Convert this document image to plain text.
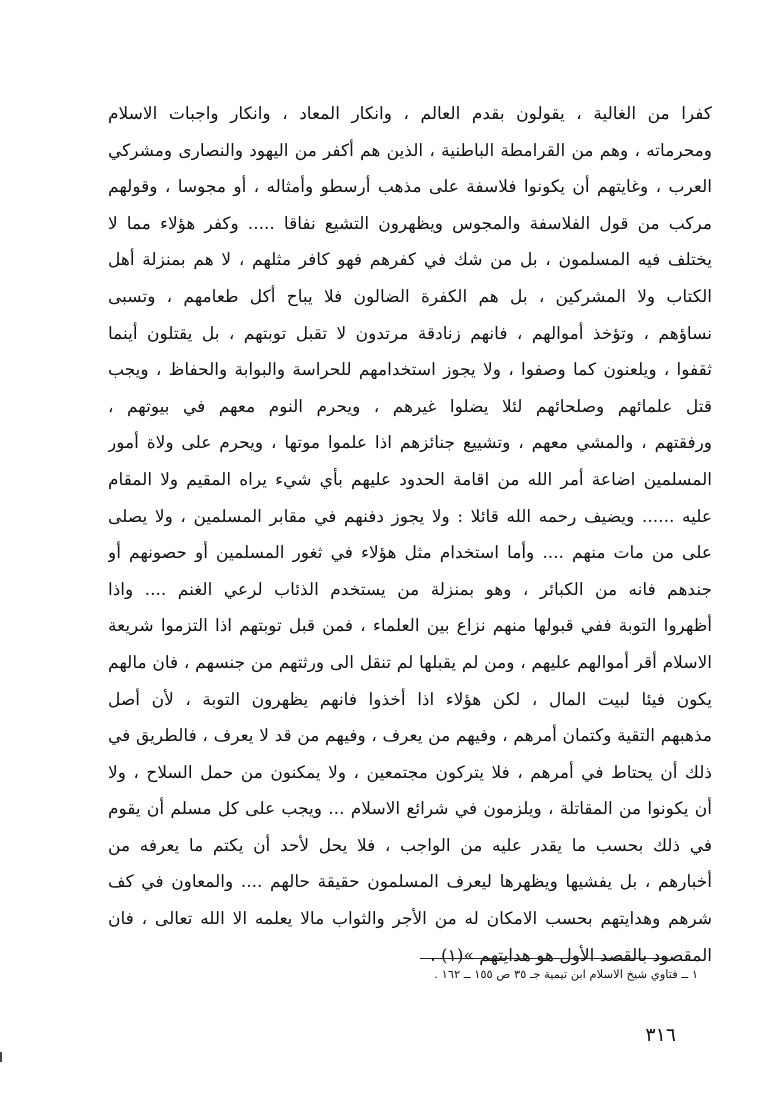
كفرا من الغالية ، يقولون بقدم العالم ، وانكار المعاد ، وانكار واجبات الاسلام
ومحرماته ، وهم من القرامطة الباطنية ، الذين هم أكفر من اليهود والنصارى ومشركي
العرب ، وغايتهم أن يكونوا فلاسفة على مذهب أرسطو وأمثاله ، أو مجوسا ، وقولهم
مركب من قول الفلاسفة والمجوس ويظهرون التشيع نفاقا ..... وكفر هؤلاء مما لا
يختلف فيه المسلمون ، بل من شك في كفرهم فهو كافر مثلهم ، لا هم بمنزلة أهل
الكتاب ولا المشركين ، بل هم الكفرة الضالون فلا يباح أكل طعامهم ، وتسبى
نساؤهم ، وتؤخذ أموالهم ، فانهم زنادقة مرتدون لا تقبل توبتهم ، بل يقتلون أينما
ثقفوا ، ويلعنون كما وصفوا ، ولا يجوز استخدامهم للحراسة والبوابة والحفاظ ، ويجب
قتل علمائهم وصلحائهم لئلا يضلوا غيرهم ، ويحرم النوم معهم في بيوتهم ،
ورفقتهم ، والمشي معهم ، وتشييع جنائزهم اذا علموا موتها ، ويحرم على ولاة أمور
المسلمين اضاعة أمر الله من اقامة الحدود عليهم بأي شيء يراه المقيم ولا المقام
عليه ...... ويضيف رحمه الله قائلا : ولا يجوز دفنهم في مقابر المسلمين ، ولا يصلى
على من مات منهم .... وأما استخدام مثل هؤلاء في ثغور المسلمين أو حصونهم أو
جندهم فانه من الكبائر ، وهو بمنزلة من يستخدم الذئاب لرعي الغنم .... واذا
أظهروا التوبة ففي قبولها منهم نزاع بين العلماء ، فمن قبل توبتهم اذا التزموا شريعة
الاسلام أقر أموالهم عليهم ، ومن لم يقبلها لم تنقل الى ورثتهم من جنسهم ، فان مالهم
يكون فيئا لبيت المال ، لكن هؤلاء اذا أخذوا فانهم يظهرون التوبة ، لأن أصل
مذهبهم التقية وكتمان أمرهم ، وفيهم من يعرف ، وفيهم من قد لا يعرف ، فالطريق في
ذلك أن يحتاط في أمرهم ، فلا يتركون مجتمعين ، ولا يمكنون من حمل السلاح ، ولا
أن يكونوا من المقاتلة ، ويلزمون في شرائع الاسلام ... ويجب على كل مسلم أن يقوم
في ذلك بحسب ما يقدر عليه من الواجب ، فلا يحل لأحد أن يكتم ما يعرفه من
أخبارهم ، بل يفشيها ويظهرها ليعرف المسلمون حقيقة حالهم .... والمعاون في كف
شرهم وهدايتهم بحسب الامكان له من الأجر والثواب مالا يعلمه الا الله تعالى ، فان
المقصود بالقصد الأول هو هدايتهم »(١) .
١ ــ فتاوي شيخ الاسلام ابن تيمية جـ ٣٥ ص ١٥٥ ــ ١٦٢ .
٣١٦
